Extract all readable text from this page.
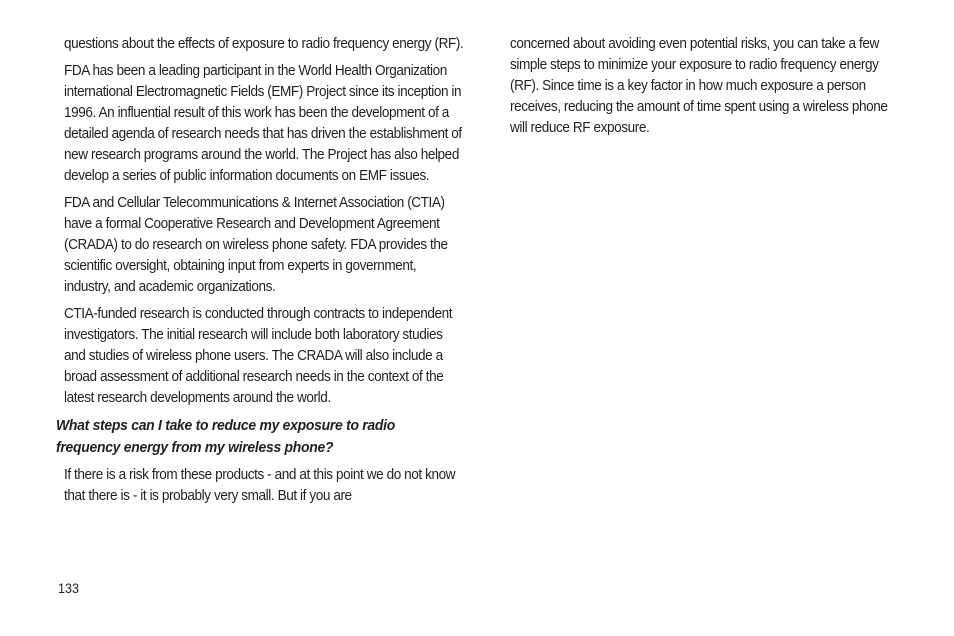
questions about the effects of exposure to radio frequency energy (RF).

FDA has been a leading participant in the World Health Organization international Electromagnetic Fields (EMF) Project since its inception in 1996. An influential result of this work has been the development of a detailed agenda of research needs that has driven the establishment of new research programs around the world. The Project has also helped develop a series of public information documents on EMF issues.

FDA and Cellular Telecommunications & Internet Association (CTIA) have a formal Cooperative Research and Development Agreement (CRADA) to do research on wireless phone safety. FDA provides the scientific oversight, obtaining input from experts in government, industry, and academic organizations.

CTIA-funded research is conducted through contracts to independent investigators. The initial research will include both laboratory studies and studies of wireless phone users. The CRADA will also include a broad assessment of additional research needs in the context of the latest research developments around the world.

What steps can I take to reduce my exposure to radio frequency energy from my wireless phone?

If there is a risk from these products - and at this point we do not know that there is - it is probably very small. But if you are

concerned about avoiding even potential risks, you can take a few simple steps to minimize your exposure to radio frequency energy (RF). Since time is a key factor in how much exposure a person receives, reducing the amount of time spent using a wireless phone will reduce RF exposure.

133
